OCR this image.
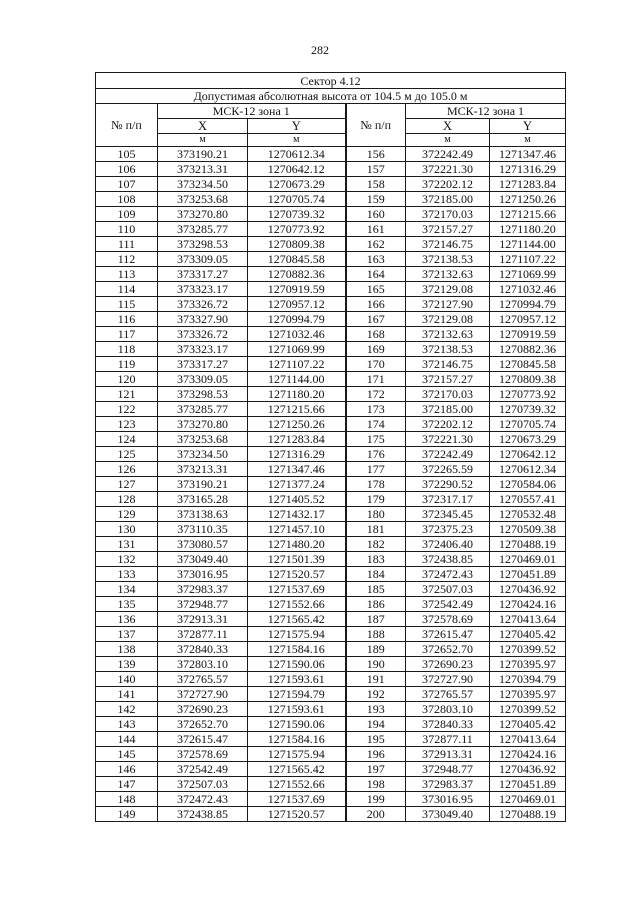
282
Сектор 4.12					
Допустимая абсолютная высота от 104.5 м до 105.0 м					
№ п/п	МСК-12 зона 1		№ п/п	МСК-12 зона 1	
	X	Y		X	Y
	м	м		м	м
105	373190.21	1270612.34	156	372242.49	1271347.46
106	373213.31	1270642.12	157	372221.30	1271316.29
107	373234.50	1270673.29	158	372202.12	1271283.84
108	373253.68	1270705.74	159	372185.00	1271250.26
109	373270.80	1270739.32	160	372170.03	1271215.66
110	373285.77	1270773.92	161	372157.27	1271180.20
111	373298.53	1270809.38	162	372146.75	1271144.00
112	373309.05	1270845.58	163	372138.53	1271107.22
113	373317.27	1270882.36	164	372132.63	1271069.99
114	373323.17	1270919.59	165	372129.08	1271032.46
115	373326.72	1270957.12	166	372127.90	1270994.79
116	373327.90	1270994.79	167	372129.08	1270957.12
117	373326.72	1271032.46	168	372132.63	1270919.59
118	373323.17	1271069.99	169	372138.53	1270882.36
119	373317.27	1271107.22	170	372146.75	1270845.58
120	373309.05	1271144.00	171	372157.27	1270809.38
121	373298.53	1271180.20	172	372170.03	1270773.92
122	373285.77	1271215.66	173	372185.00	1270739.32
123	373270.80	1271250.26	174	372202.12	1270705.74
124	373253.68	1271283.84	175	372221.30	1270673.29
125	373234.50	1271316.29	176	372242.49	1270642.12
126	373213.31	1271347.46	177	372265.59	1270612.34
127	373190.21	1271377.24	178	372290.52	1270584.06
128	373165.28	1271405.52	179	372317.17	1270557.41
129	373138.63	1271432.17	180	372345.45	1270532.48
130	373110.35	1271457.10	181	372375.23	1270509.38
131	373080.57	1271480.20	182	372406.40	1270488.19
132	373049.40	1271501.39	183	372438.85	1270469.01
133	373016.95	1271520.57	184	372472.43	1270451.89
134	372983.37	1271537.69	185	372507.03	1270436.92
135	372948.77	1271552.66	186	372542.49	1270424.16
136	372913.31	1271565.42	187	372578.69	1270413.64
137	372877.11	1271575.94	188	372615.47	1270405.42
138	372840.33	1271584.16	189	372652.70	1270399.52
139	372803.10	1271590.06	190	372690.23	1270395.97
140	372765.57	1271593.61	191	372727.90	1270394.79
141	372727.90	1271594.79	192	372765.57	1270395.97
142	372690.23	1271593.61	193	372803.10	1270399.52
143	372652.70	1271590.06	194	372840.33	1270405.42
144	372615.47	1271584.16	195	372877.11	1270413.64
145	372578.69	1271575.94	196	372913.31	1270424.16
146	372542.49	1271565.42	197	372948.77	1270436.92
147	372507.03	1271552.66	198	372983.37	1270451.89
148	372472.43	1271537.69	199	373016.95	1270469.01
149	372438.85	1271520.57	200	373049.40	1270488.19
